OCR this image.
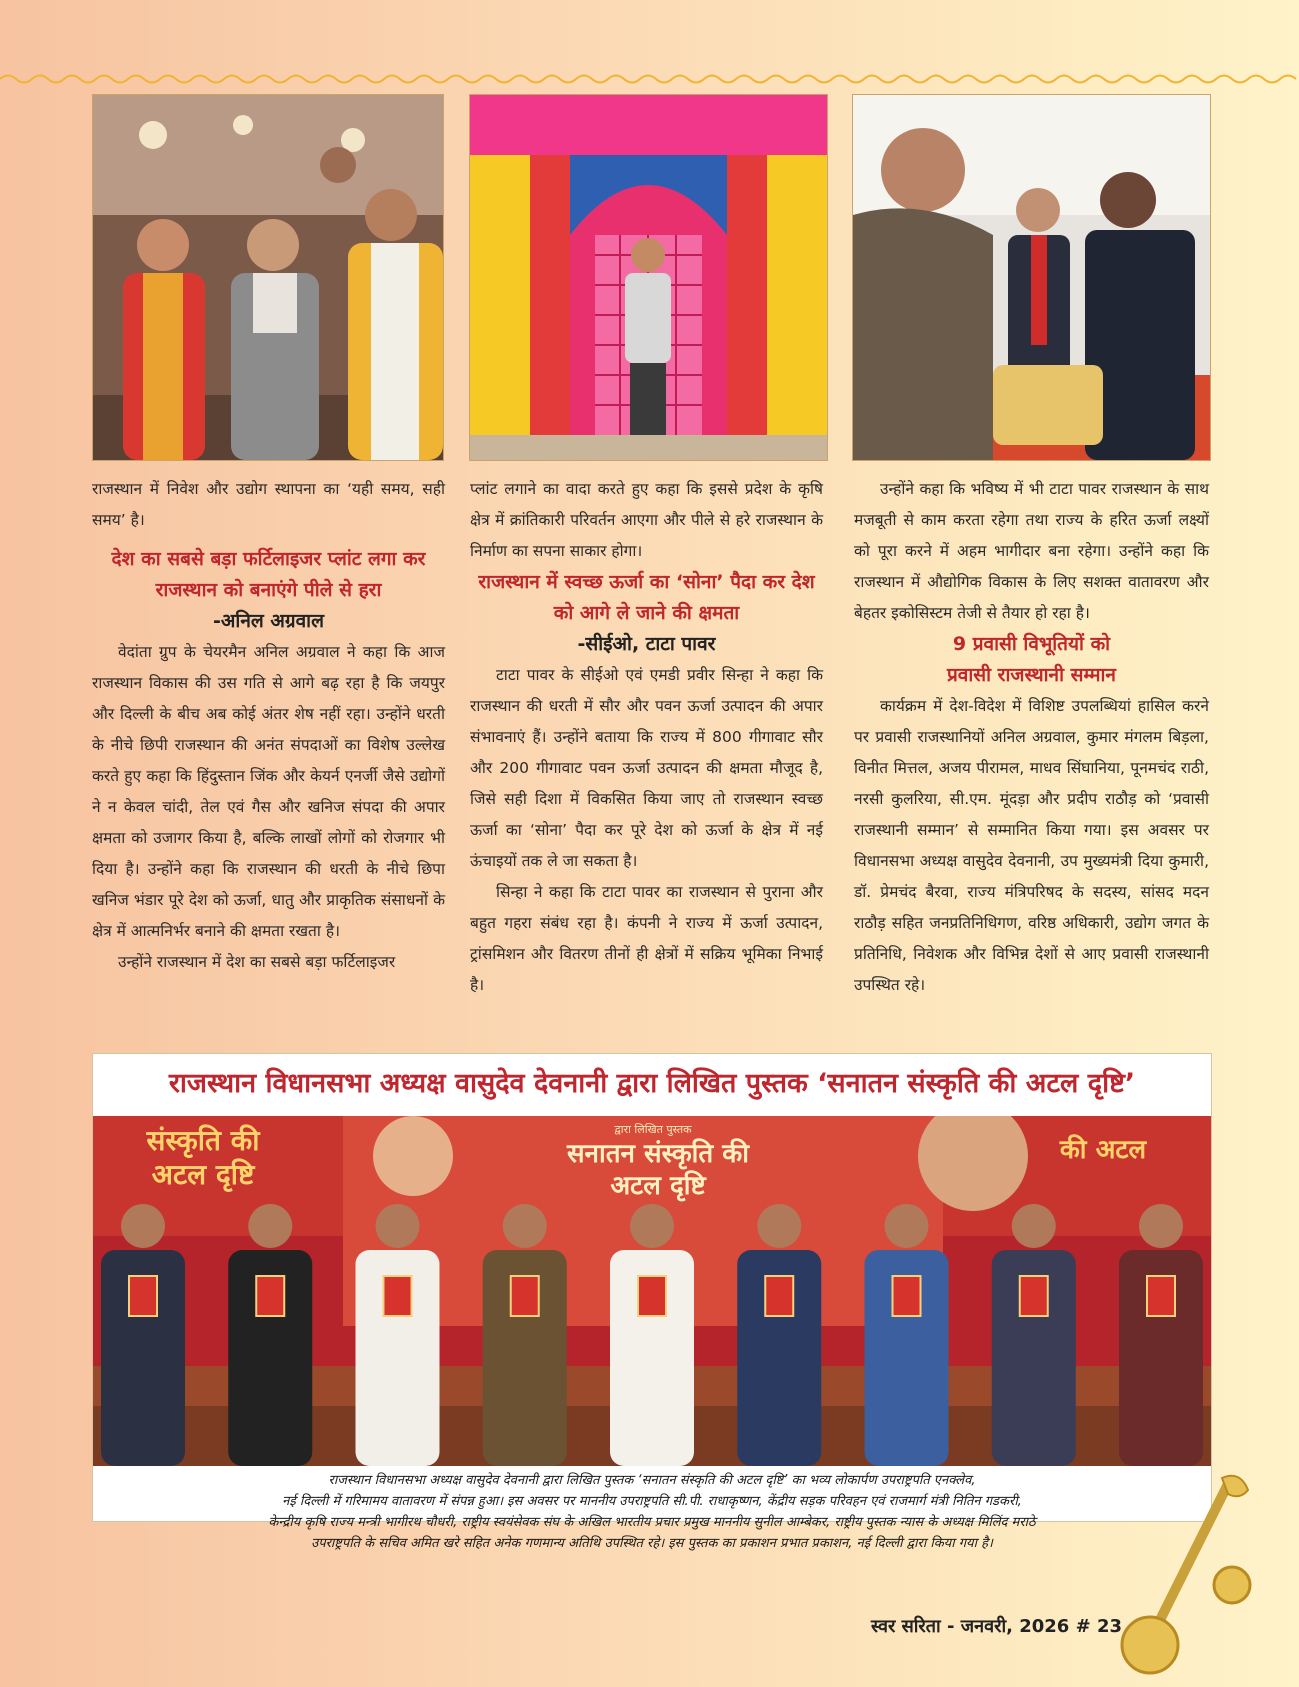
राजस्थान में निवेश और उद्योग स्थापना का ‘यही समय, सही समय’ है।

देश का सबसे बड़ा फर्टिलाइजर प्लांट लगा कर राजस्थान को बनाएंगे पीले से हरा
-अनिल अग्रवाल

वेदांता ग्रुप के चेयरमैन अनिल अग्रवाल ने कहा कि आज राजस्थान विकास की उस गति से आगे बढ़ रहा है कि जयपुर और दिल्ली के बीच अब कोई अंतर शेष नहीं रहा। उन्होंने धरती के नीचे छिपी राजस्थान की अनंत संपदाओं का विशेष उल्लेख करते हुए कहा कि हिंदुस्तान जिंक और केयर्न एनर्जी जैसे उद्योगों ने न केवल चांदी, तेल एवं गैस और खनिज संपदा की अपार क्षमता को उजागर किया है, बल्कि लाखों लोगों को रोजगार भी दिया है। उन्होंने कहा कि राजस्थान की धरती के नीचे छिपा खनिज भंडार पूरे देश को ऊर्जा, धातु और प्राकृतिक संसाधनों के क्षेत्र में आत्मनिर्भर बनाने की क्षमता रखता है।

उन्होंने राजस्थान में देश का सबसे बड़ा फर्टिलाइजर

प्लांट लगाने का वादा करते हुए कहा कि इससे प्रदेश के कृषि क्षेत्र में क्रांतिकारी परिवर्तन आएगा और पीले से हरे राजस्थान के निर्माण का सपना साकार होगा।

राजस्थान में स्वच्छ ऊर्जा का ‘सोना’ पैदा कर देश को आगे ले जाने की क्षमता
-सीईओ, टाटा पावर

टाटा पावर के सीईओ एवं एमडी प्रवीर सिन्हा ने कहा कि राजस्थान की धरती में सौर और पवन ऊर्जा उत्पादन की अपार संभावनाएं हैं। उन्होंने बताया कि राज्य में 800 गीगावाट सौर और 200 गीगावाट पवन ऊर्जा उत्पादन की क्षमता मौजूद है, जिसे सही दिशा में विकसित किया जाए तो राजस्थान स्वच्छ ऊर्जा का ‘सोना’ पैदा कर पूरे देश को ऊर्जा के क्षेत्र में नई ऊंचाइयों तक ले जा सकता है।

सिन्हा ने कहा कि टाटा पावर का राजस्थान से पुराना और बहुत गहरा संबंध रहा है। कंपनी ने राज्य में ऊर्जा उत्पादन, ट्रांसमिशन और वितरण तीनों ही क्षेत्रों में सक्रिय भूमिका निभाई है।

उन्होंने कहा कि भविष्य में भी टाटा पावर राजस्थान के साथ मजबूती से काम करता रहेगा तथा राज्य के हरित ऊर्जा लक्ष्यों को पूरा करने में अहम भागीदार बना रहेगा। उन्होंने कहा कि राजस्थान में औद्योगिक विकास के लिए सशक्त वातावरण और बेहतर इकोसिस्टम तेजी से तैयार हो रहा है।

9 प्रवासी विभूतियों को
प्रवासी राजस्थानी सम्मान

कार्यक्रम में देश-विदेश में विशिष्ट उपलब्धियां हासिल करने पर प्रवासी राजस्थानियों अनिल अग्रवाल, कुमार मंगलम बिड़ला, विनीत मित्तल, अजय पीरामल, माधव सिंघानिया, पूनमचंद राठी, नरसी कुलरिया, सी.एम. मूंदड़ा और प्रदीप राठौड़ को ‘प्रवासी राजस्थानी सम्मान’ से सम्मानित किया गया। इस अवसर पर विधानसभा अध्यक्ष वासुदेव देवनानी, उप मुख्यमंत्री दिया कुमारी, डॉ. प्रेमचंद बैरवा, राज्य मंत्रिपरिषद के सदस्य, सांसद मदन राठौड़ सहित जनप्रतिनिधिगण, वरिष्ठ अधिकारी, उद्योग जगत के प्रतिनिधि, निवेशक और विभिन्न देशों से आए प्रवासी राजस्थानी उपस्थित रहे।

राजस्थान विधानसभा अध्यक्ष वासुदेव देवनानी द्वारा लिखित पुस्तक ‘सनातन संस्कृति की अटल दृष्टि’
संस्कृति की अटल दृष्टि
द्वारा लिखित पुस्तक
सनातन संस्कृति की अटल दृष्टि
की अटल
राजस्थान विधानसभा अध्यक्ष वासुदेव देवनानी द्वारा लिखित पुस्तक ‘सनातन संस्कृति की अटल दृष्टि’ का भव्य लोकार्पण उपराष्ट्रपति एनक्लेव,
नई दिल्ली में गरिमामय वातावरण में संपन्न हुआ। इस अवसर पर माननीय उपराष्ट्रपति सी.पी. राधाकृष्णन, केंद्रीय सड़क परिवहन एवं राजमार्ग मंत्री नितिन गडकरी,
केन्द्रीय कृषि राज्य मन्त्री भागीरथ चौधरी, राष्ट्रीय स्वयंसेवक संघ के अखिल भारतीय प्रचार प्रमुख माननीय सुनील आम्बेकर, राष्ट्रीय पुस्तक न्यास के अध्यक्ष मिलिंद मराठे
उपराष्ट्रपति के सचिव अमित खरे सहित अनेक गणमान्य अतिथि उपस्थित रहे। इस पुस्तक का प्रकाशन प्रभात प्रकाशन, नई दिल्ली द्वारा किया गया है।
स्वर सरिता - जनवरी, 2026 # 23
